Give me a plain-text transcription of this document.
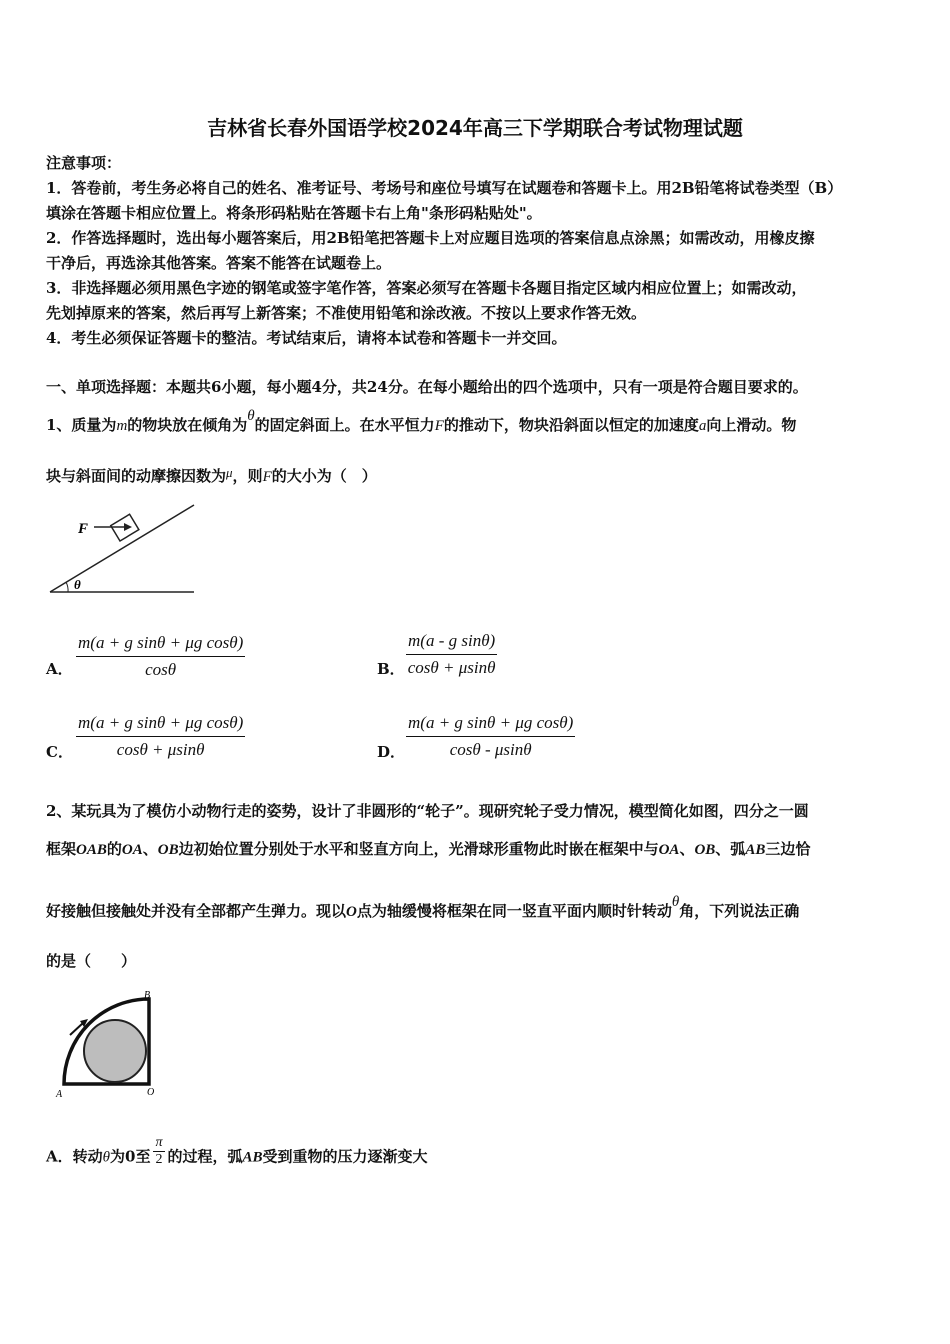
吉林省长春外国语学校2024年高三下学期联合考试物理试题
注意事项：
1．答卷前，考生务必将自己的姓名、准考证号、考场号和座位号填写在试题卷和答题卡上。用2B铅笔将试卷类型（B）
填涂在答题卡相应位置上。将条形码粘贴在答题卡右上角"条形码粘贴处"。
2．作答选择题时，选出每小题答案后，用2B铅笔把答题卡上对应题目选项的答案信息点涂黑；如需改动，用橡皮擦
干净后，再选涂其他答案。答案不能答在试题卷上。
3．非选择题必须用黑色字迹的钢笔或签字笔作答，答案必须写在答题卡各题目指定区域内相应位置上；如需改动，
先划掉原来的答案，然后再写上新答案；不准使用铅笔和涂改液。不按以上要求作答无效。
4．考生必须保证答题卡的整洁。考试结束后，请将本试卷和答题卡一并交回。
一、单项选择题：本题共6小题，每小题4分，共24分。在每小题给出的四个选项中，只有一项是符合题目要求的。
1、质量为m的物块放在倾角为θ的固定斜面上。在水平恒力F的推动下，物块沿斜面以恒定的加速度a向上滑动。物
块与斜面间的动摩擦因数为μ，则F的大小为（　）
F
θ
A． $\frac{\text{m(a + g sinθ + μg cosθ)}}{\cos\theta}$	B． $\frac{\text{m(a - g sinθ)}}{\cos\theta + \mu\sin\theta}$
C． $\frac{\text{m(a + g sinθ + μg cosθ)}}{\cos\theta + \mu\sin\theta}$	D． $\frac{\text{m(a + g sinθ + μg cosθ)}}{\cos\theta - \mu\sin\theta}$
2、某玩具为了模仿小动物行走的姿势，设计了非圆形的“轮子”。现研究轮子受力情况，模型简化如图，四分之一圆
框架OAB的OA、OB边初始位置分别处于水平和竖直方向上，光滑球形重物此时嵌在框架中与OA、OB、弧AB三边恰
好接触但接触处并没有全部都产生弹力。现以O点为轴缓慢将框架在同一竖直平面内顺时针转动θ角，下列说法正确
的是（　　）
B
A	O
A．转动θ为0至 $\frac{\pi}{2}$ 的过程，弧AB受到重物的压力逐渐变大
